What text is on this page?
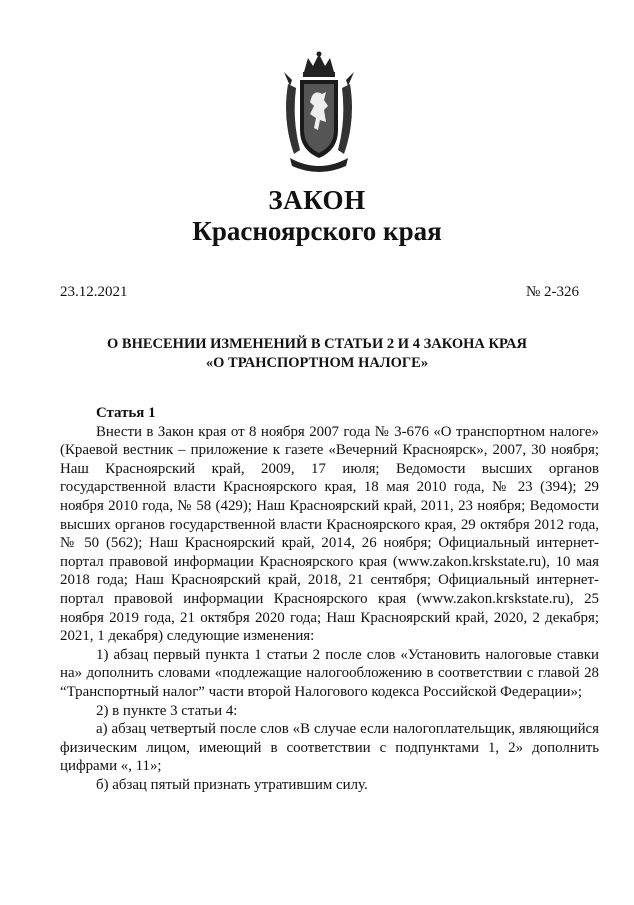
ЗАКОН
Красноярского края
23.12.2021	№ 2-326
О ВНЕСЕНИИ ИЗМЕНЕНИЙ В СТАТЬИ 2 И 4 ЗАКОНА КРАЯ
«О ТРАНСПОРТНОМ НАЛОГЕ»
Статья 1

Внести в Закон края от 8 ноября 2007 года № 3-676 «О транспортном налоге» (Краевой вестник – приложение к газете «Вечерний Красноярск», 2007, 30 ноября; Наш Красноярский край, 2009, 17 июля; Ведомости высших органов государственной власти Красноярского края, 18 мая 2010 года, № 23 (394); 29 ноября 2010 года, № 58 (429); Наш Красноярский край, 2011, 23 ноября; Ведомости высших органов государственной власти Красноярского края, 29 октября 2012 года, № 50 (562); Наш Красноярский край, 2014, 26 ноября; Официальный интернет-портал правовой информации Красноярского края (www.zakon.krskstate.ru), 10 мая 2018 года; Наш Красноярский край, 2018, 21 сентября; Официальный интернет-портал правовой информации Красноярского края (www.zakon.krskstate.ru), 25 ноября 2019 года, 21 октября 2020 года; Наш Красноярский край, 2020, 2 декабря; 2021, 1 декабря) следующие изменения:

1) абзац первый пункта 1 статьи 2 после слов «Установить налоговые ставки на» дополнить словами «подлежащие налогообложению в соответствии с главой 28 “Транспортный налог” части второй Налогового кодекса Российской Федерации»;

2) в пункте 3 статьи 4:

а) абзац четвертый после слов «В случае если налогоплательщик, являющийся физическим лицом, имеющий в соответствии с подпунктами 1, 2» дополнить цифрами «, 11»;

б) абзац пятый признать утратившим силу.
